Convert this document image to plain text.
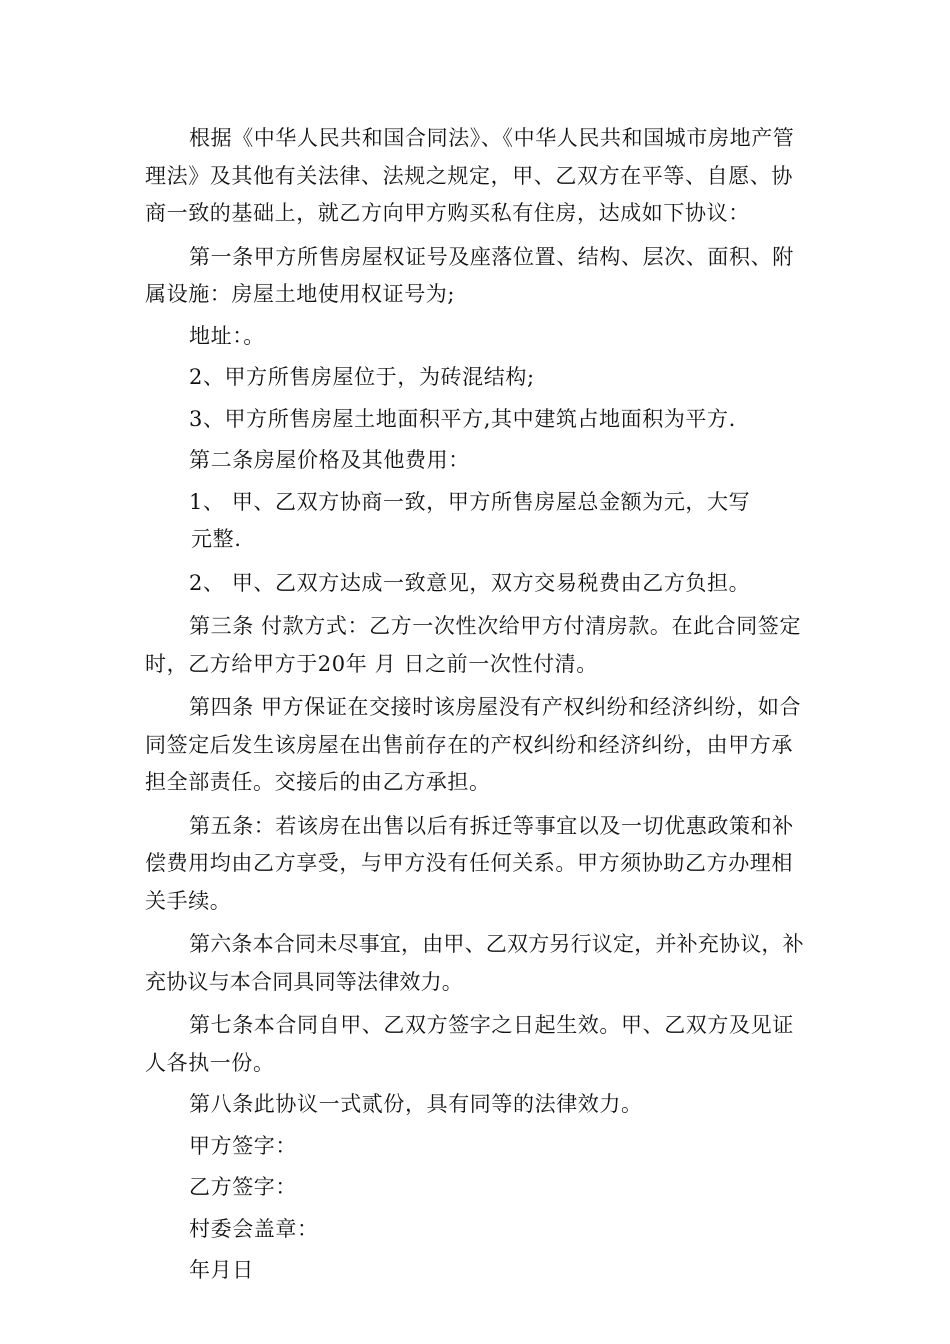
根据《中华人民共和国合同法》、《中华人民共和国城市房地产管理法》及其他有关法律、法规之规定，甲、乙双方在平等、自愿、协商一致的基础上，就乙方向甲方购买私有住房，达成如下协议：

第一条甲方所售房屋权证号及座落位置、结构、层次、面积、附属设施：房屋土地使用权证号为;

地址：。

2、甲方所售房屋位于，为砖混结构;

3、甲方所售房屋土地面积平方,其中建筑占地面积为平方.

第二条房屋价格及其他费用：

1、 甲、乙双方协商一致，甲方所售房屋总金额为元，大写

元整.

2、 甲、乙双方达成一致意见，双方交易税费由乙方负担。

第三条 付款方式：乙方一次性次给甲方付清房款。在此合同签定时，乙方给甲方于20年 月 日之前一次性付清。

第四条 甲方保证在交接时该房屋没有产权纠纷和经济纠纷，如合同签定后发生该房屋在出售前存在的产权纠纷和经济纠纷，由甲方承担全部责任。交接后的由乙方承担。

第五条：若该房在出售以后有拆迁等事宜以及一切优惠政策和补偿费用均由乙方享受，与甲方没有任何关系。甲方须协助乙方办理相关手续。

第六条本合同未尽事宜，由甲、乙双方另行议定，并补充协议，补充协议与本合同具同等法律效力。

第七条本合同自甲、乙双方签字之日起生效。甲、乙双方及见证人各执一份。

第八条此协议一式贰份，具有同等的法律效力。

甲方签字：

乙方签字：

村委会盖章：

年月日
